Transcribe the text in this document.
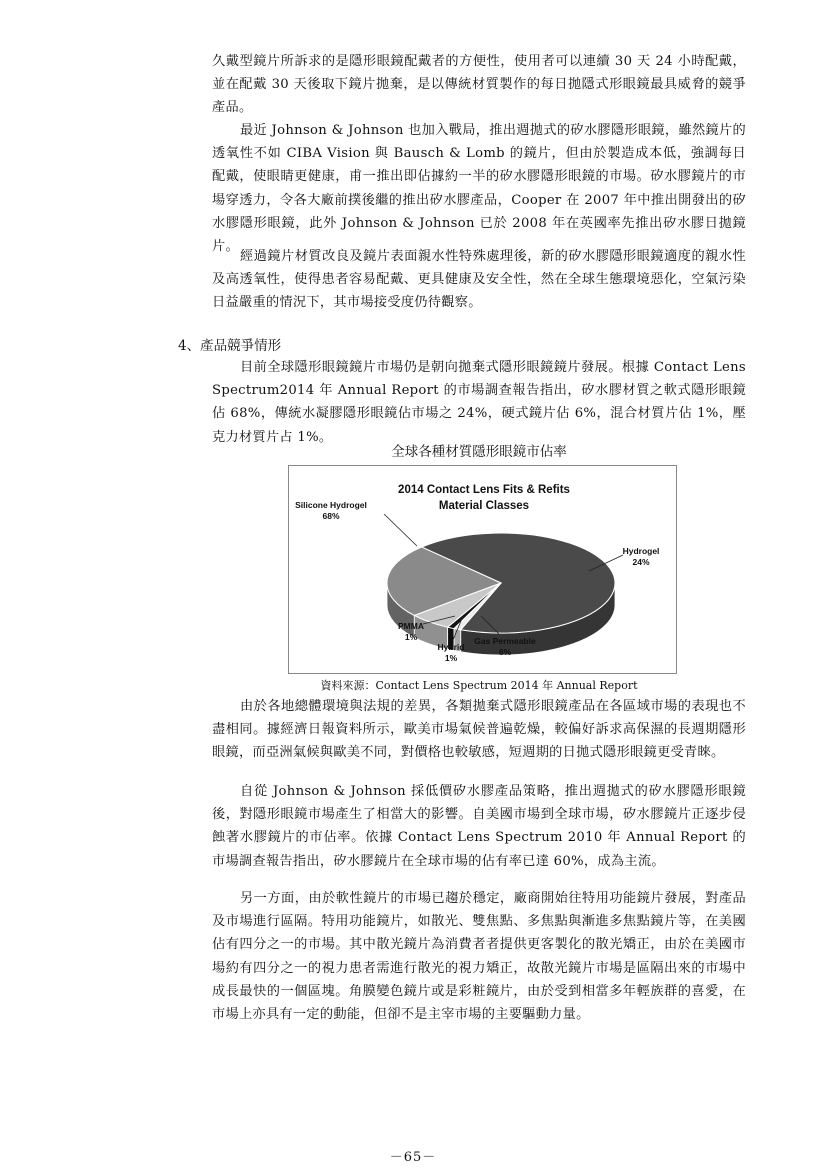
久戴型鏡片所訴求的是隱形眼鏡配戴者的方便性，使用者可以連續 30 天 24 小時配戴，並在配戴 30 天後取下鏡片拋棄，是以傳統材質製作的每日拋隱式形眼鏡最具威脅的競爭產品。

最近 Johnson & Johnson 也加入戰局，推出週拋式的矽水膠隱形眼鏡，雖然鏡片的透氧性不如 CIBA Vision 與 Bausch & Lomb 的鏡片，但由於製造成本低，強調每日配戴，使眼睛更健康，甫一推出即佔據約一半的矽水膠隱形眼鏡的市場。矽水膠鏡片的市場穿透力，令各大廠前撲後繼的推出矽水膠產品，Cooper 在 2007 年中推出開發出的矽水膠隱形眼鏡，此外 Johnson & Johnson 已於 2008 年在英國率先推出矽水膠日拋鏡片。

經過鏡片材質改良及鏡片表面親水性特殊處理後，新的矽水膠隱形眼鏡適度的親水性及高透氧性，使得患者容易配戴、更具健康及安全性，然在全球生態環境惡化，空氣污染日益嚴重的情況下，其市場接受度仍待觀察。

4、產品競爭情形

目前全球隱形眼鏡鏡片市場仍是朝向拋棄式隱形眼鏡鏡片發展。根據 Contact Lens Spectrum2014 年 Annual Report 的市場調查報告指出，矽水膠材質之軟式隱形眼鏡佔 68%，傳統水凝膠隱形眼鏡佔市場之 24%，硬式鏡片佔 6%，混合材質片佔 1%，壓克力材質片占 1%。

全球各種材質隱形眼鏡市佔率

2014 Contact Lens Fits & Refits
Material Classes
Silicone Hydrogel
68%
Hydrogel
24%
Gas Permeable
6%
Hybrid
1%
PMMA
1%

資料來源：Contact Lens Spectrum 2014 年 Annual Report

由於各地總體環境與法規的差異，各類拋棄式隱形眼鏡產品在各區域市場的表現也不盡相同。據經濟日報資料所示，歐美市場氣候普遍乾燥，較偏好訴求高保濕的長週期隱形眼鏡，而亞洲氣候與歐美不同，對價格也較敏感，短週期的日拋式隱形眼鏡更受青睞。

自從 Johnson & Johnson 採低價矽水膠產品策略，推出週拋式的矽水膠隱形眼鏡後，對隱形眼鏡市場產生了相當大的影響。自美國市場到全球市場，矽水膠鏡片正逐步侵蝕著水膠鏡片的市佔率。依據 Contact Lens Spectrum 2010 年 Annual Report 的市場調查報告指出，矽水膠鏡片在全球市場的佔有率已達 60%，成為主流。

另一方面，由於軟性鏡片的市場已趨於穩定，廠商開始往特用功能鏡片發展，對產品及市場進行區隔。特用功能鏡片，如散光、雙焦點、多焦點與漸進多焦點鏡片等，在美國佔有四分之一的市場。其中散光鏡片為消費者者提供更客製化的散光矯正，由於在美國市場約有四分之一的視力患者需進行散光的視力矯正，故散光鏡片市場是區隔出來的市場中成長最快的一個區塊。角膜變色鏡片或是彩粧鏡片，由於受到相當多年輕族群的喜愛，在市場上亦具有一定的動能，但卻不是主宰市場的主要驅動力量。

－65－
